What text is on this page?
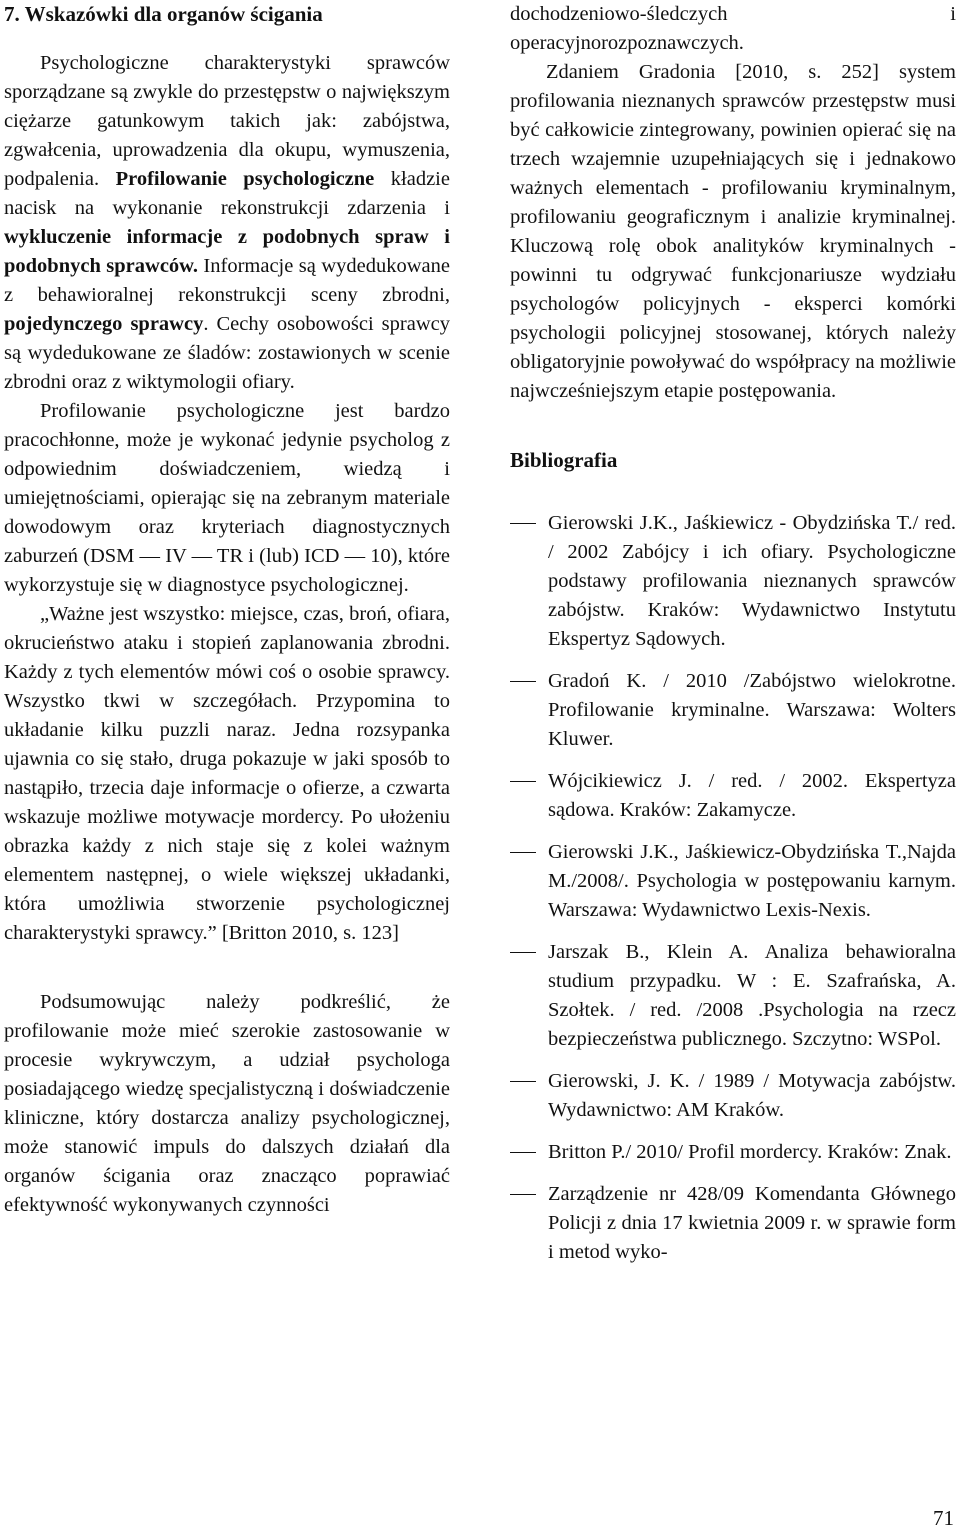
7. Wskazówki dla organów ścigania

Psychologiczne charakterystyki sprawców sporządzane są zwykle do przestępstw o największym ciężarze gatunkowym takich jak: zabójstwa, zgwałcenia, uprowadzenia dla okupu, wymuszenia, podpalenia. Profilowanie psychologiczne kładzie nacisk na wykonanie rekonstrukcji zdarzenia i wykluczenie informacje z podobnych spraw i podobnych sprawców. Informacje są wydedukowane z behawioralnej rekonstrukcji sceny zbrodni, pojedynczego sprawcy. Cechy osobowości sprawcy są wydedukowane ze śladów: zostawionych w scenie zbrodni oraz z wiktymologii ofiary.

Profilowanie psychologiczne jest bardzo pracochłonne, może je wykonać jedynie psycholog z odpowiednim doświadczeniem, wiedzą i umiejętnościami, opierając się na zebranym materiale dowodowym oraz kryteriach diagnostycznych zaburzeń (DSM — IV — TR i (lub) ICD — 10), które wykorzystuje się w diagnostyce psychologicznej.

„Ważne jest wszystko: miejsce, czas, broń, ofiara, okrucieństwo ataku i stopień zaplanowania zbrodni. Każdy z tych elementów mówi coś o osobie sprawcy. Wszystko tkwi w szczegółach. Przypomina to układanie kilku puzzli naraz. Jedna rozsypanka ujawnia co się stało, druga pokazuje w jaki sposób to nastąpiło, trzecia daje informacje o ofierze, a czwarta wskazuje możliwe motywacje mordercy. Po ułożeniu obrazka każdy z nich staje się z kolei ważnym elementem następnej, o wiele większej układanki, która umożliwia stworzenie psychologicznej charakterystyki sprawcy.” [Britton 2010, s. 123]

Podsumowując należy podkreślić, że profilowanie może mieć szerokie zastosowanie w procesie wykrywczym, a udział psychologa posiadającego wiedzę specjalistyczną i doświadczenie kliniczne, który dostarcza analizy psychologicznej, może stanowić impuls do dalszych działań dla organów ścigania oraz znacząco poprawiać efektywność wykonywanych czynności

dochodzeniowo-śledczych i operacyjnorozpoznawczych.

Zdaniem Gradonia [2010, s. 252] system profilowania nieznanych sprawców przestępstw musi być całkowicie zintegrowany, powinien opierać się na trzech wzajemnie uzupełniających się i jednakowo ważnych elementach - profilowaniu kryminalnym, profilowaniu geograficznym i analizie kryminalnej. Kluczową rolę obok analityków kryminalnych - powinni tu odgrywać funkcjonariusze wydziału psychologów policyjnych - eksperci komórki psychologii policyjnej stosowanej, których należy obligatoryjnie powoływać do współpracy na możliwie najwcześniejszym etapie postępowania.

Bibliografia
Gierowski J.K., Jaśkiewicz - Obydzińska T./ red. / 2002 Zabójcy i ich ofiary. Psychologiczne podstawy profilowania nieznanych sprawców zabójstw. Kraków: Wydawnictwo Instytutu Ekspertyz Sądowych.
Gradoń K. / 2010 /Zabójstwo wielokrotne. Profilowanie kryminalne. Warszawa: Wolters Kluwer.
Wójcikiewicz J. / red. / 2002. Ekspertyza sądowa. Kraków: Zakamycze.
Gierowski J.K., Jaśkiewicz-Obydzińska T.,Najda M./2008/. Psychologia w postępowaniu karnym. Warszawa: Wydawnictwo Lexis-Nexis.
Jarszak B., Klein A. Analiza behawioralna studium przypadku. W : E. Szafrańska, A. Szołtek. / red. /2008 .Psychologia na rzecz bezpieczeństwa publicznego. Szczytno: WSPol.
Gierowski, J. K. / 1989 / Motywacja zabójstw. Wydawnictwo: AM Kraków.
Britton P./ 2010/ Profil mordercy. Kraków: Znak.
Zarządzenie nr 428/09 Komendanta Głównego Policji z dnia 17 kwietnia 2009 r. w sprawie form i metod wyko-
71
